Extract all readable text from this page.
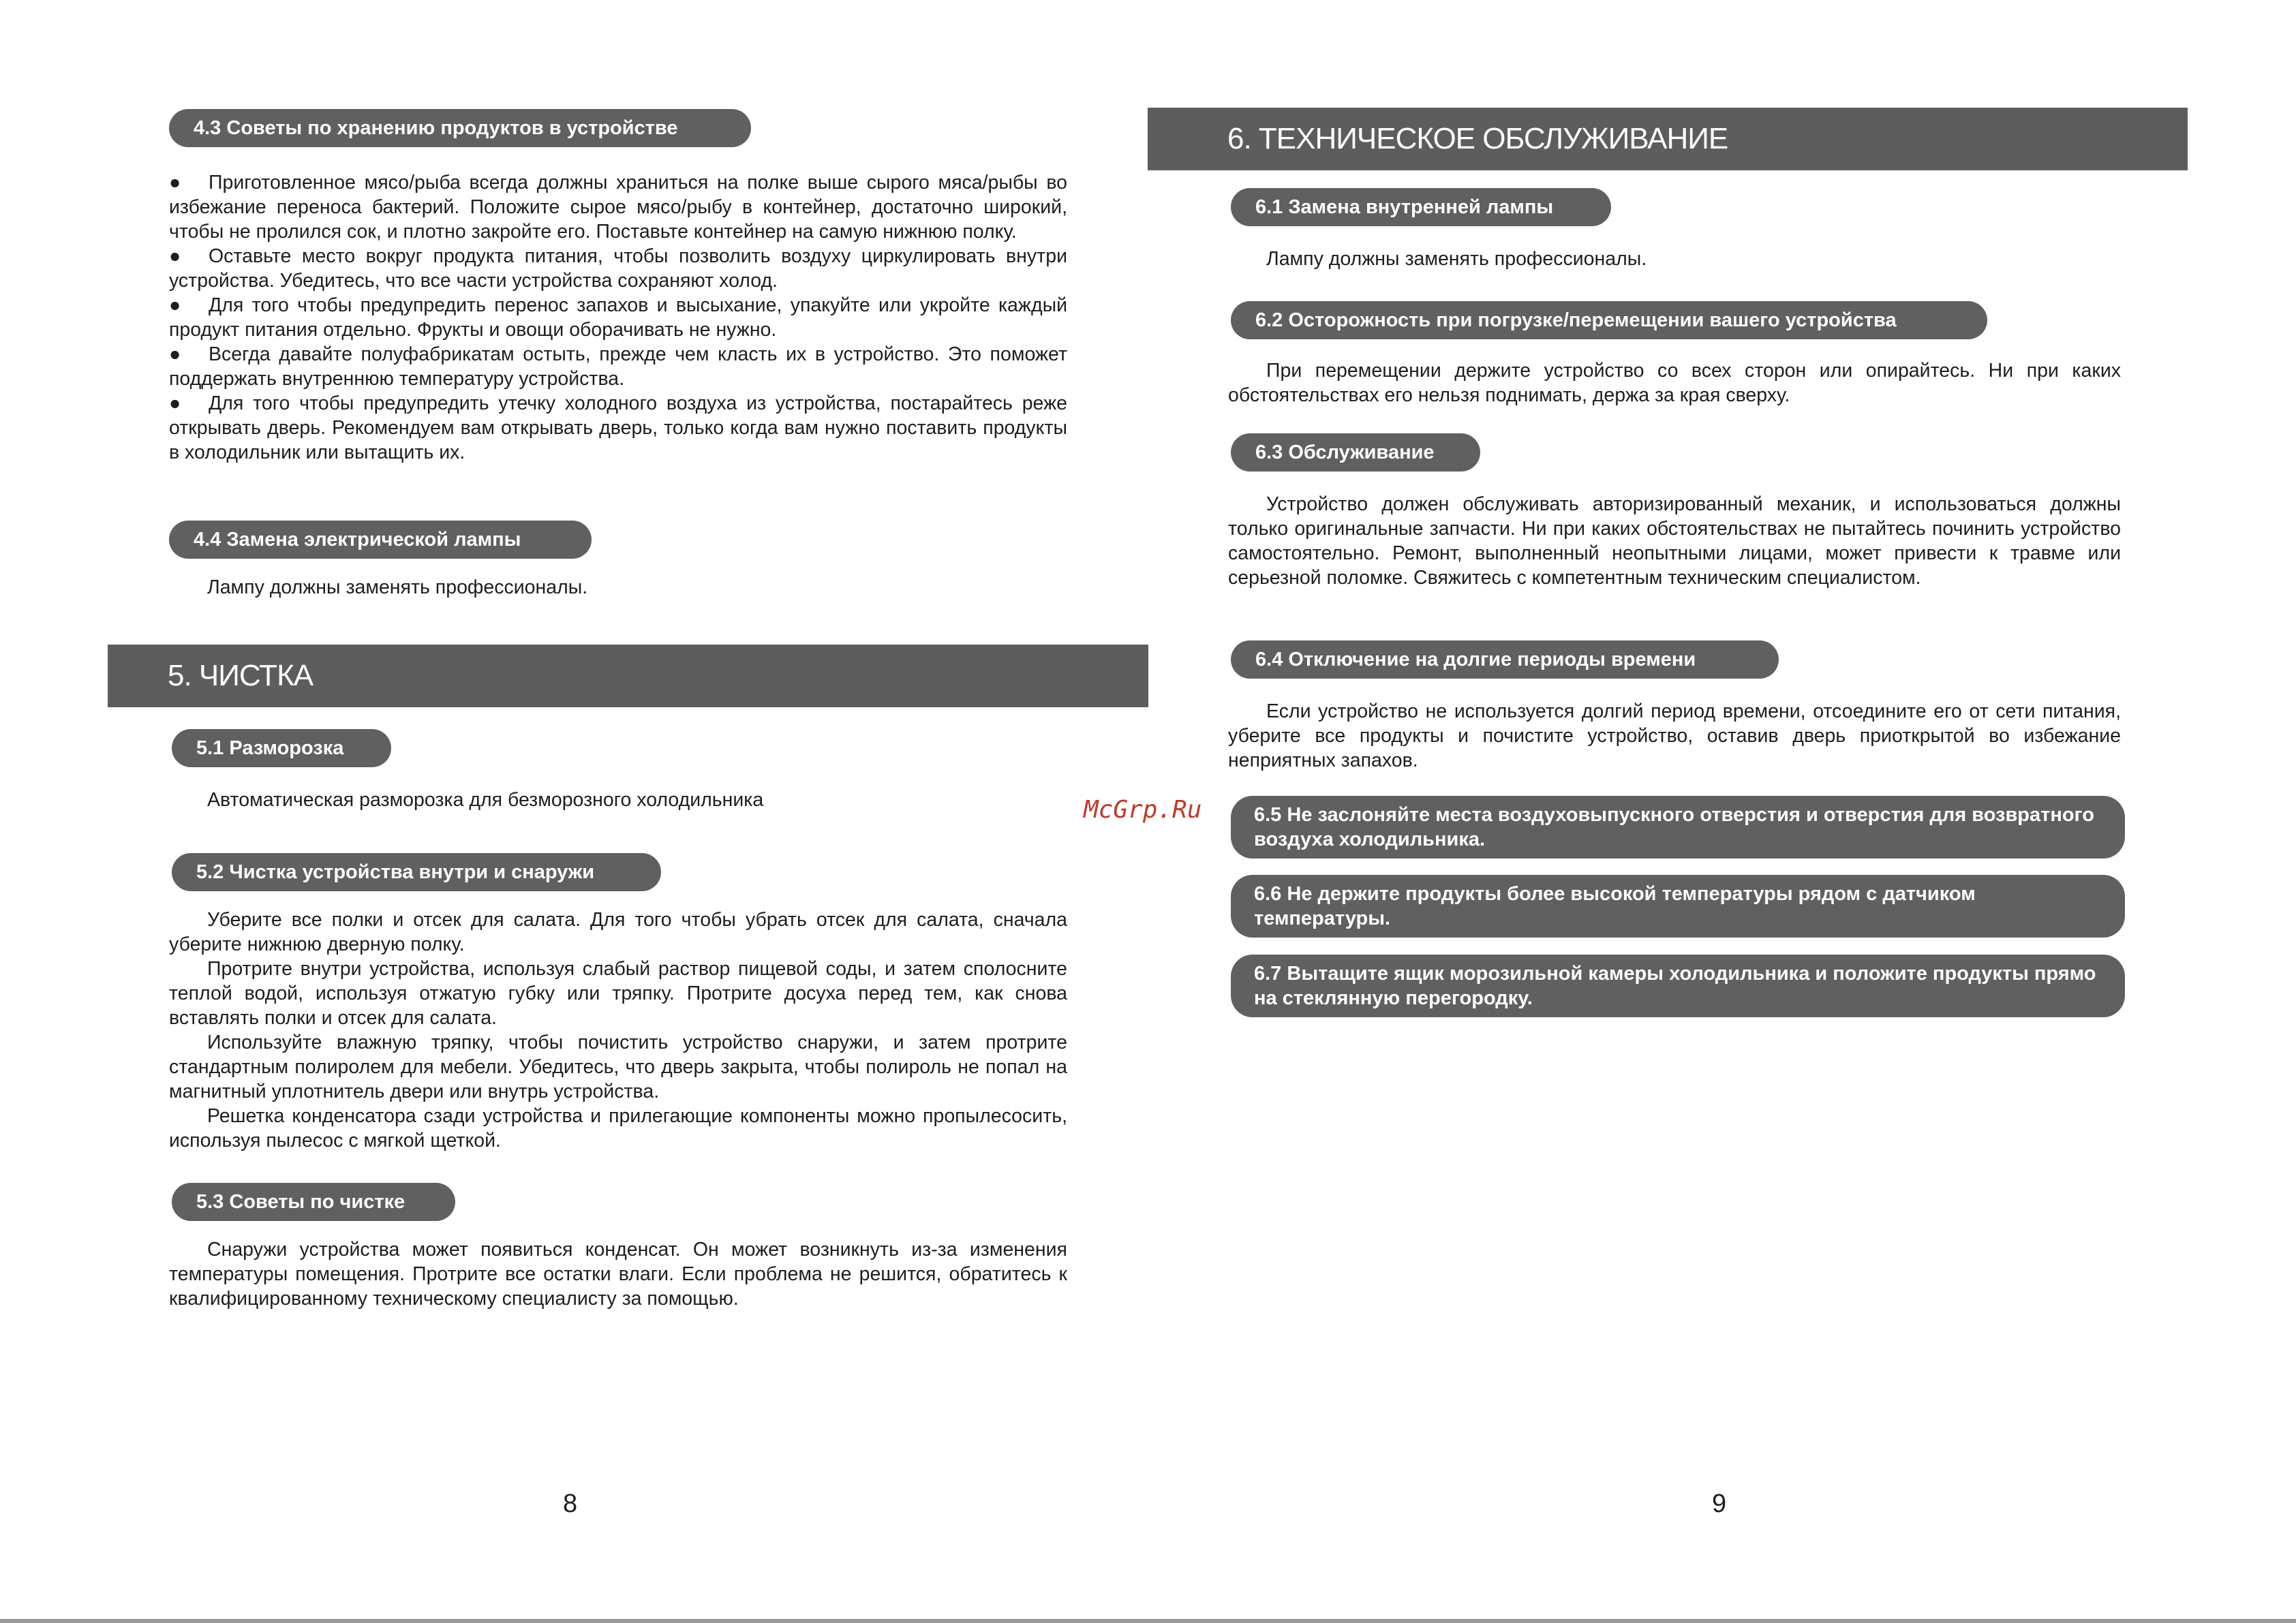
4.3 Советы по хранению продуктов в устройстве

● Приготовленное мясо/рыба всегда должны храниться на полке выше сырого мяса/рыбы во избежание переноса бактерий. Положите сырое мясо/рыбу в контейнер, достаточно широкий, чтобы не пролился сок, и плотно закройте его. Поставьте контейнер на самую нижнюю полку.

● Оставьте место вокруг продукта питания, чтобы позволить воздуху циркулировать внутри устройства. Убедитесь, что все части устройства сохраняют холод.

● Для того чтобы предупредить перенос запахов и высыхание, упакуйте или укройте каждый продукт питания отдельно. Фрукты и овощи оборачивать не нужно.

● Всегда давайте полуфабрикатам остыть, прежде чем класть их в устройство. Это поможет поддержать внутреннюю температуру устройства.

● Для того чтобы предупредить утечку холодного воздуха из устройства, постарайтесь реже открывать дверь. Рекомендуем вам открывать дверь, только когда вам нужно поставить продукты в холодильник или вытащить их.

4.4 Замена электрической лампы

Лампу должны заменять профессионалы.

5. ЧИСТКА
5.1 Разморозка

Автоматическая разморозка для безморозного холодильника

5.2 Чистка устройства внутри и снаружи

Уберите все полки и отсек для салата. Для того чтобы убрать отсек для салата, сначала уберите нижнюю дверную полку.

Протрите внутри устройства, используя слабый раствор пищевой соды, и затем сполосните теплой водой, используя отжатую губку или тряпку. Протрите досуха перед тем, как снова вставлять полки и отсек для салата.

Используйте влажную тряпку, чтобы почистить устройство снаружи, и затем протрите стандартным полиролем для мебели. Убедитесь, что дверь закрыта, чтобы полироль не попал на магнитный уплотнитель двери или внутрь устройства.

Решетка конденсатора сзади устройства и прилегающие компоненты можно пропылесосить, используя пылесос с мягкой щеткой.

5.3 Советы по чистке

Снаружи устройства может появиться конденсат. Он может возникнуть из-за изменения температуры помещения. Протрите все остатки влаги. Если проблема не решится, обратитесь к квалифицированному техническому специалисту за помощью.

8
6. ТЕХНИЧЕСКОЕ ОБСЛУЖИВАНИЕ
6.1 Замена внутренней лампы

Лампу должны заменять профессионалы.

6.2 Осторожность при погрузке/перемещении вашего устройства

При перемещении держите устройство со всех сторон или опирайтесь. Ни при каких обстоятельствах его нельзя поднимать, держа за края сверху.

6.3 Обслуживание

Устройство должен обслуживать авторизированный механик, и использоваться должны только оригинальные запчасти. Ни при каких обстоятельствах не пытайтесь починить устройство самостоятельно. Ремонт, выполненный неопытными лицами, может привести к травме или серьезной поломке. Свяжитесь с компетентным техническим специалистом.

6.4 Отключение на долгие периоды времени

Если устройство не используется долгий период времени, отсоедините его от сети питания, уберите все продукты и почистите устройство, оставив дверь приоткрытой во избежание неприятных запахов.

6.5 Не заслоняйте места воздуховыпускного отверстия и отверстия для возвратного воздуха холодильника.
6.6 Не держите продукты более высокой температуры рядом с датчиком температуры.
6.7 Вытащите ящик морозильной камеры холодильника и положите продукты прямо на стеклянную перегородку.
9
McGrp.Ru
